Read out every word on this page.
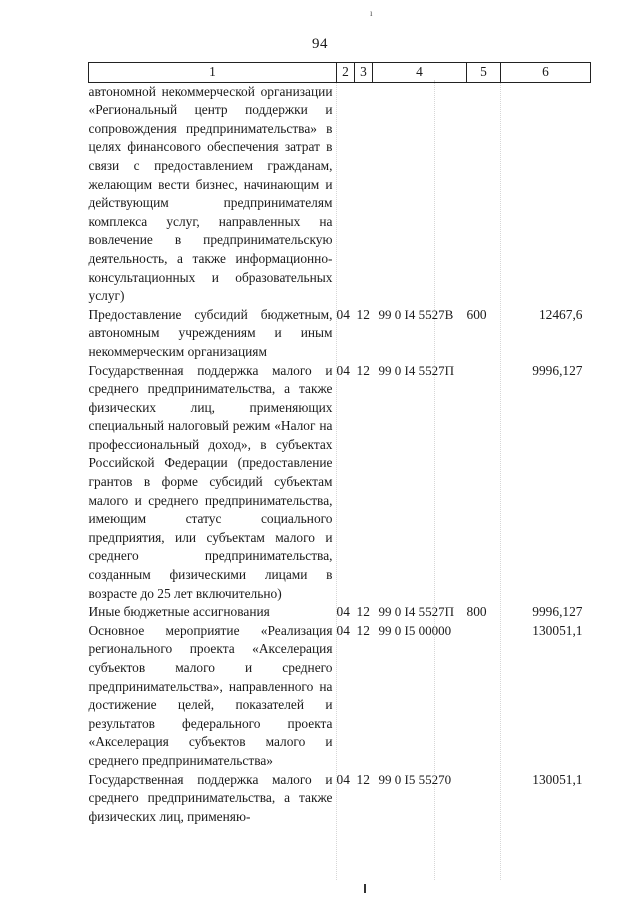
ı
94
1	2	3	4	5	6
автономной некоммерческой организации «Региональный центр поддержки и сопровождения предпринимательства» в целях финансового обеспечения затрат в связи с предоставлением гражданам, желающим вести бизнес, начинающим и действующим предпринимателям комплекса услуг, направленных на вовлечение в предпринимательскую деятельность, а также информационно-консультационных и образовательных услуг)					
Предоставление субсидий бюджетным, автономным учреждениям и иным некоммерческим организациям	04	12	99 0 I4 5527B	600	12467,6
Государственная поддержка малого и среднего предпринимательства, а также физических лиц, применяющих специальный налоговый режим «Налог на профессиональный доход», в субъектах Российской Федерации (предоставление грантов в форме субсидий субъектам малого и среднего предпринимательства, имеющим статус социального предприятия, или субъектам малого и среднего предпринимательства, созданным физическими лицами в возрасте до 25 лет включительно)	04	12	99 0 I4 5527П		9996,127
Иные бюджетные ассигнования	04	12	99 0 I4 5527П	800	9996,127
Основное мероприятие «Реализация регионального проекта «Акселерация субъектов малого и среднего предпринимательства», направленного на достижение целей, показателей и результатов федерального проекта «Акселерация субъектов малого и среднего предпринимательства»	04	12	99 0 I5 00000		130051,1
Государственная поддержка малого и среднего предпринимательства, а также физических лиц, применяю-	04	12	99 0 I5 55270		130051,1
